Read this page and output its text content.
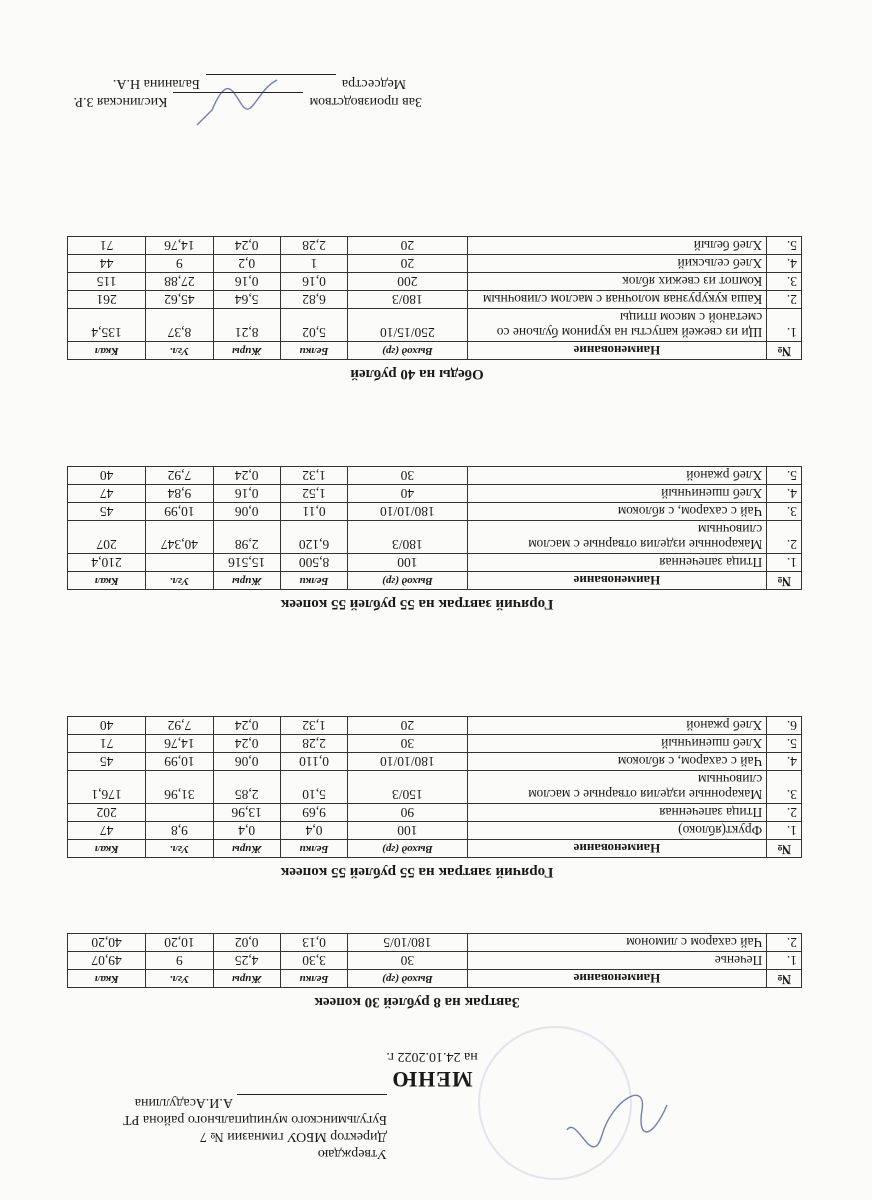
Утверждаю
Директор МБОУ гимназии № 7
Бугульминского муниципального района РТ
А.И.Асадуллина
МЕНЮ
на 24.10.2022 г.
Завтрак на 8 рублей 30 копеек
№	Наименование	Выход (гр)	Белки	Жиры	Угл.	Ккал
1.	Печенье	30	3,30	4,25	9	49,07
2.	Чай сахаром с лимоном	180/10/5	0,13	0,02	10,20	40,20
Горячий завтрак на 55 рублей 55 копеек
№	Наименование	Выход (гр)	Белки	Жиры	Угл.	Ккал
1.	Фрукт(яблоко)	100	0,4	0,4	9,8	47
2.	Птица запеченная	90	9,69	13,96		202
3.	Макаронные изделия отварные с маслом сливочным	150/3	5,10	2,85	31,96	176,1
4.	Чай с сахаром, с яблоком	180/10/10	0,110	0,06	10,99	45
5.	Хлеб пшеничный	30	2,28	0,24	14,76	71
6.	Хлеб ржаной	20	1,32	0,24	7,92	40
Горячий завтрак на 55 рублей 55 копеек
№	Наименование	Выход (гр)	Белки	Жиры	Угл.	Ккал
1.	Птица запеченная	100	8,500	15,516		210,4
2.	Макаронные изделия отварные с маслом сливочным	180/3	6,120	2,98	40,347	207
3.	Чай с сахаром, с яблоком	180/10/10	0,11	0,06	10,99	45
4.	Хлеб пшеничный	40	1,52	0,16	9,84	47
5.	Хлеб ржаной	30	1,32	0,24	7,92	40
Обеды на 40 рублей
№	Наименование	Выход (гр)	Белки	Жиры	Угл.	Ккал
1.	Щи из свежей капусты на курином бульоне со сметаной с мясом птицы	250/15/10	5,02	8,21	8,37	135,4
2.	Каша кукурузная молочная с маслом сливочным	180/3	6,82	5,64	45,62	261
3.	Компот из свежих яблок	200	0,16	0,16	27,88	115
4.	Хлеб сельский	20	1	0,2	9	44
5.	Хлеб белый	20	2,28	0,24	14,76	71
Зав производством
Кислинская З.Р.
Медсестра
Баланина Н.А.
